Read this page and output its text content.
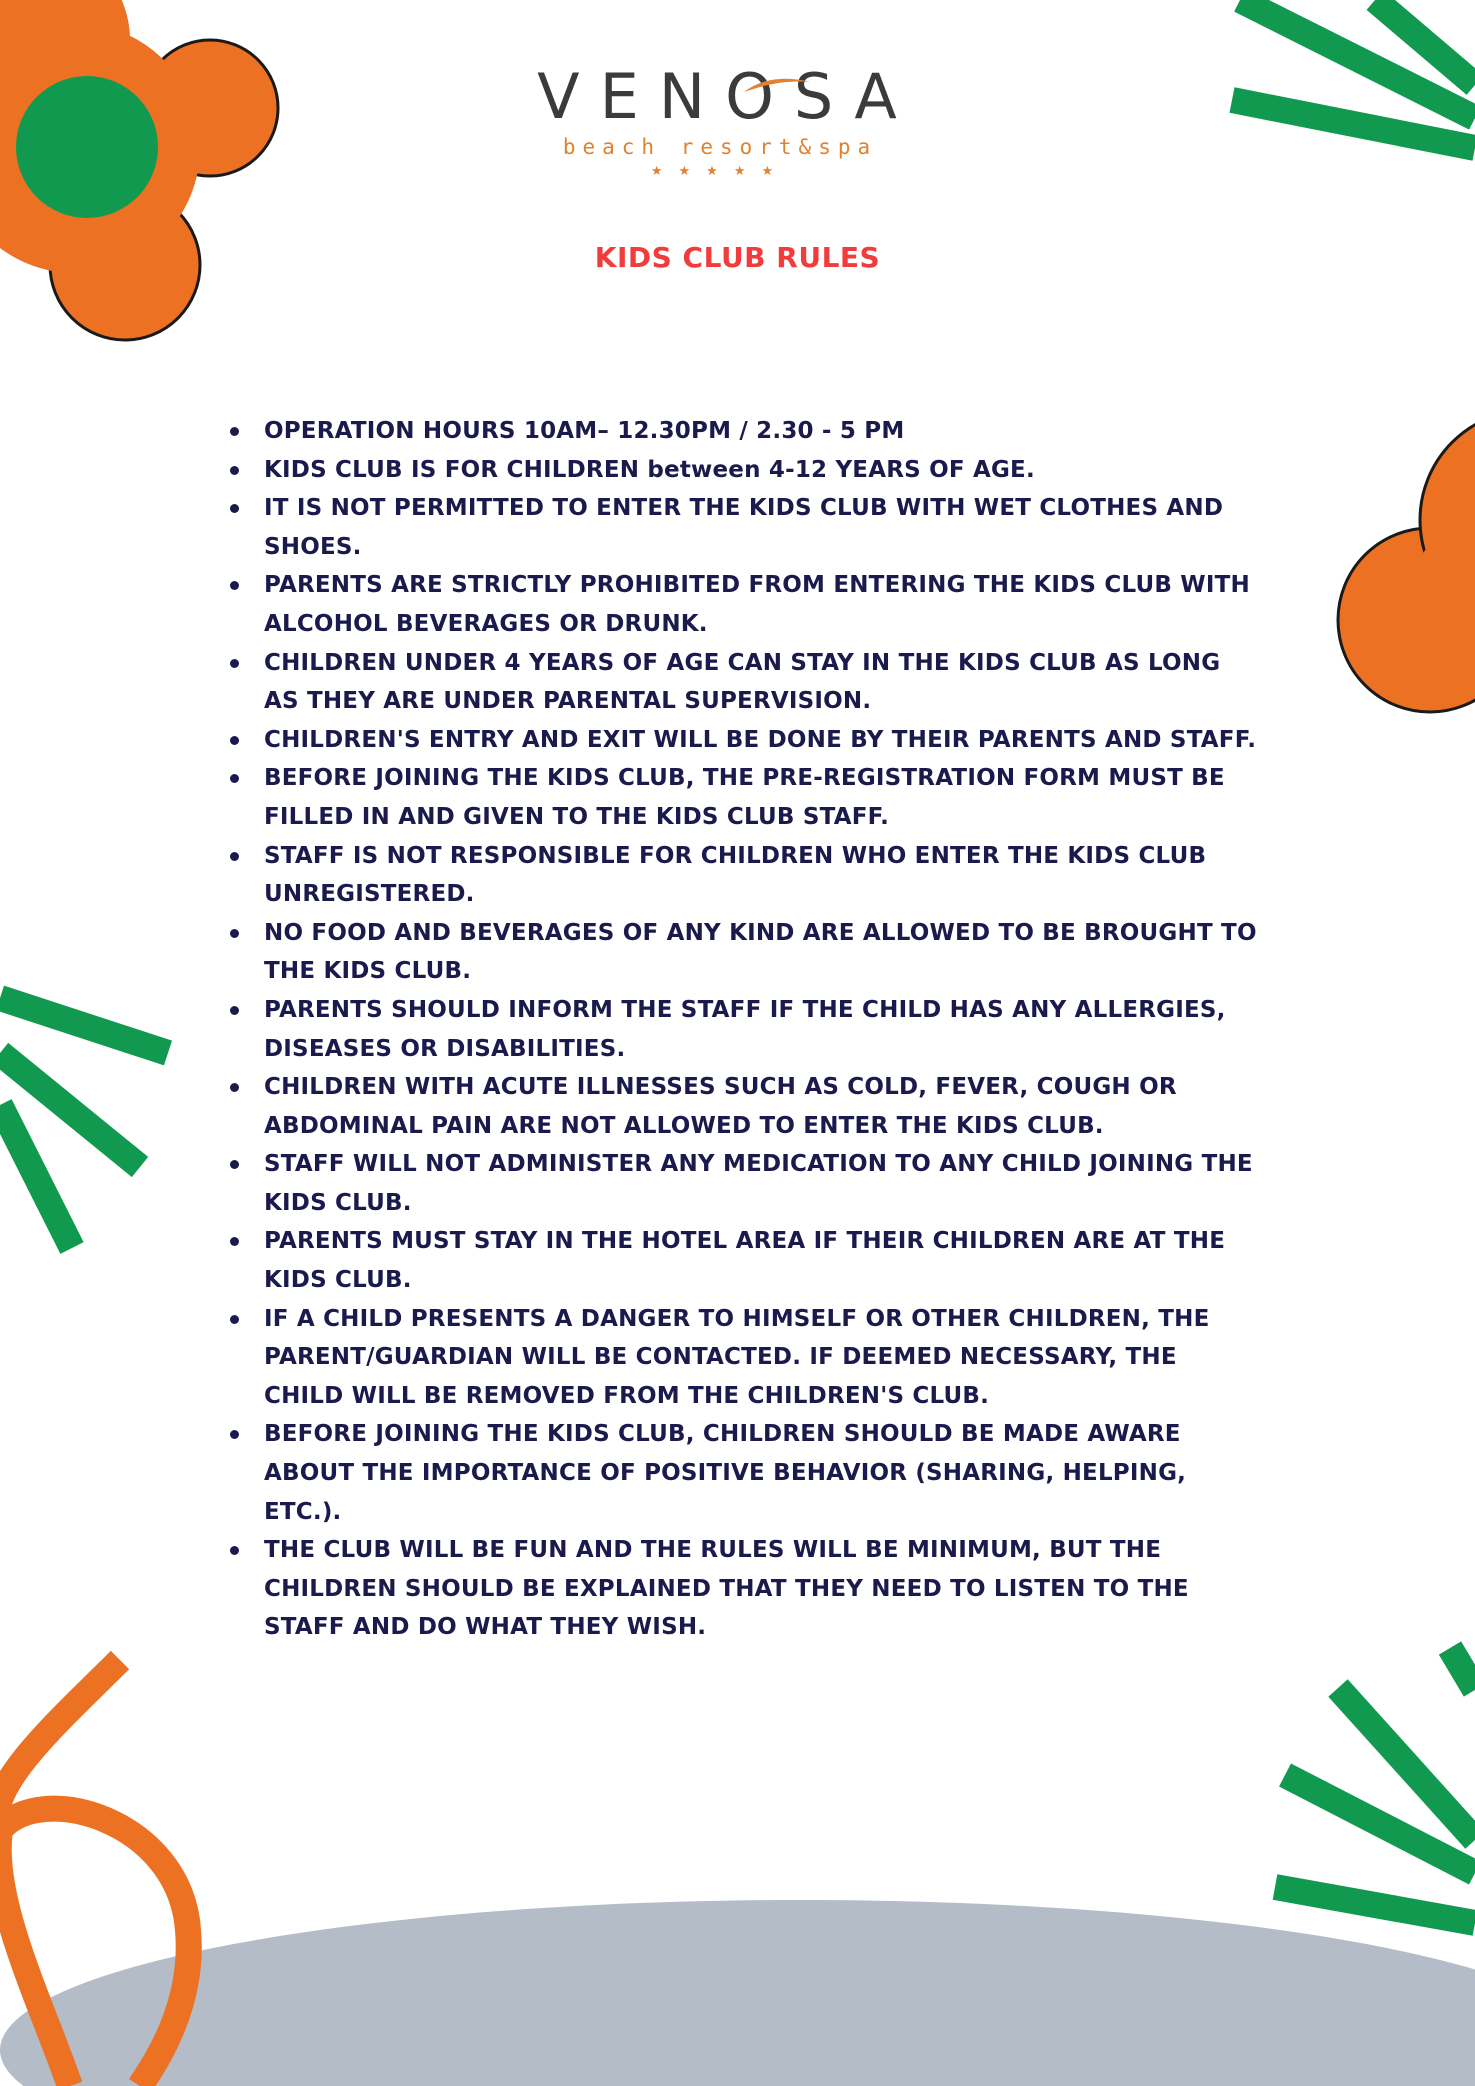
VENOSA
beach resort&spa
★★★★★
KIDS CLUB RULES
OPERATION HOURS 10AM– 12.30PM / 2.30 - 5 PM
KIDS CLUB IS FOR CHILDREN between 4-12 YEARS OF AGE.
IT IS NOT PERMITTED TO ENTER THE KIDS CLUB WITH WET CLOTHES AND SHOES.
PARENTS ARE STRICTLY PROHIBITED FROM ENTERING THE KIDS CLUB WITH ALCOHOL BEVERAGES OR DRUNK.
CHILDREN UNDER 4 YEARS OF AGE CAN STAY IN THE KIDS CLUB AS LONG AS THEY ARE UNDER PARENTAL SUPERVISION.
CHILDREN'S ENTRY AND EXIT WILL BE DONE BY THEIR PARENTS AND STAFF.
BEFORE JOINING THE KIDS CLUB, THE PRE-REGISTRATION FORM MUST BE FILLED IN AND GIVEN TO THE KIDS CLUB STAFF.
STAFF IS NOT RESPONSIBLE FOR CHILDREN WHO ENTER THE KIDS CLUB UNREGISTERED.
NO FOOD AND BEVERAGES OF ANY KIND ARE ALLOWED TO BE BROUGHT TO THE KIDS CLUB.
PARENTS SHOULD INFORM THE STAFF IF THE CHILD HAS ANY ALLERGIES, DISEASES OR DISABILITIES.
CHILDREN WITH ACUTE ILLNESSES SUCH AS COLD, FEVER, COUGH OR ABDOMINAL PAIN ARE NOT ALLOWED TO ENTER THE KIDS CLUB.
STAFF WILL NOT ADMINISTER ANY MEDICATION TO ANY CHILD JOINING THE KIDS CLUB.
PARENTS MUST STAY IN THE HOTEL AREA IF THEIR CHILDREN ARE AT THE KIDS CLUB.
IF A CHILD PRESENTS A DANGER TO HIMSELF OR OTHER CHILDREN, THE PARENT/GUARDIAN WILL BE CONTACTED. IF DEEMED NECESSARY, THE CHILD WILL BE REMOVED FROM THE CHILDREN'S CLUB.
BEFORE JOINING THE KIDS CLUB, CHILDREN SHOULD BE MADE AWARE ABOUT THE IMPORTANCE OF POSITIVE BEHAVIOR (SHARING, HELPING, ETC.).
THE CLUB WILL BE FUN AND THE RULES WILL BE MINIMUM, BUT THE CHILDREN SHOULD BE EXPLAINED THAT THEY NEED TO LISTEN TO THE STAFF AND DO WHAT THEY WISH.
